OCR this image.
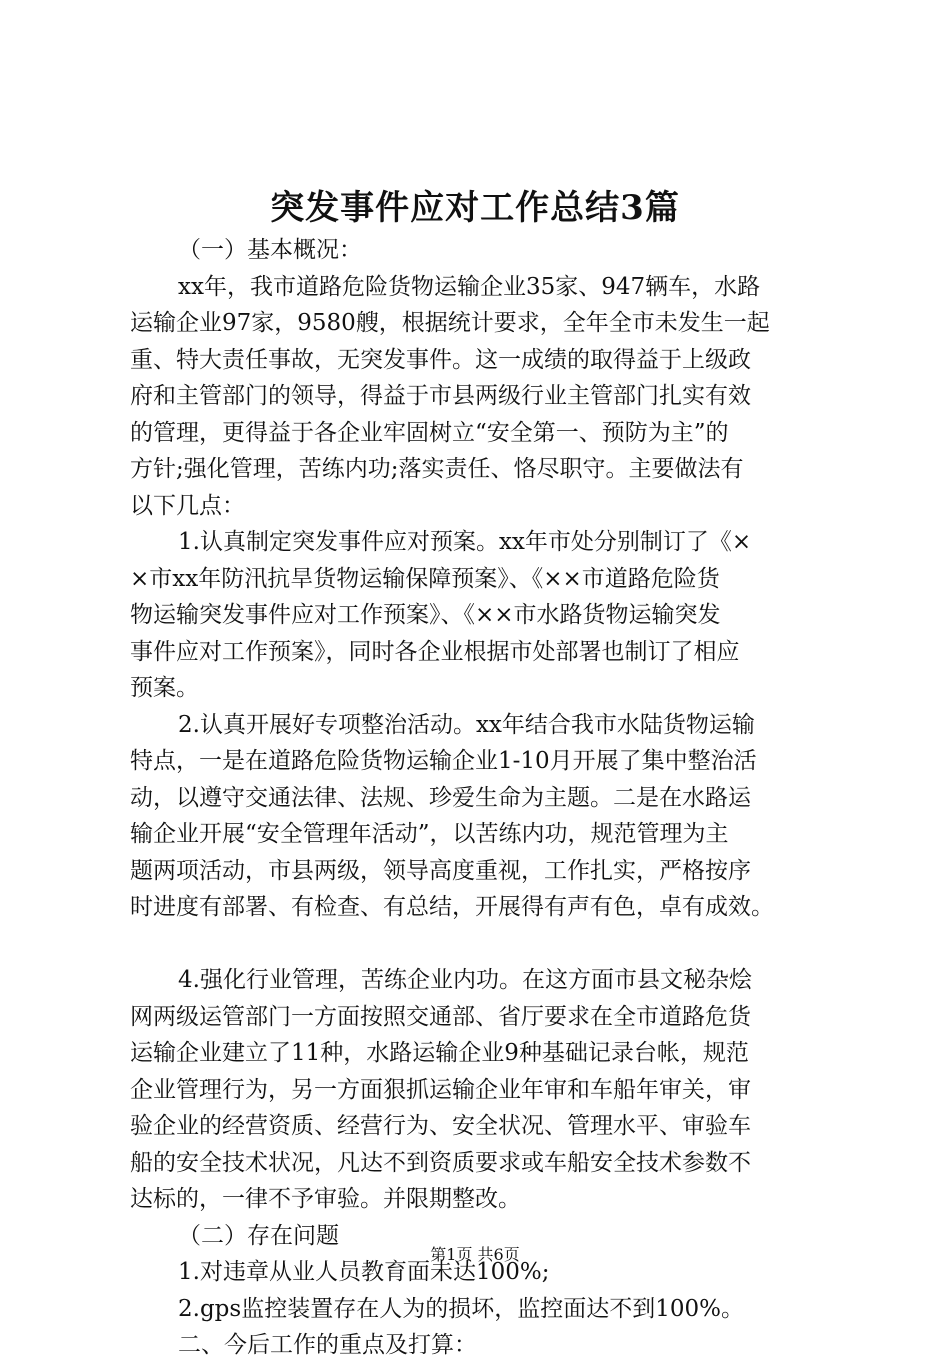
突发事件应对工作总结3篇

（一）基本概况：

xx年，我市道路危险货物运输企业35家、947辆车，水路

运输企业97家，9580艘，根据统计要求，全年全市未发生一起

重、特大责任事故，无突发事件。这一成绩的取得益于上级政

府和主管部门的领导，得益于市县两级行业主管部门扎实有效

的管理，更得益于各企业牢固树立“安全第一、预防为主”的

方针;强化管理，苦练内功;落实责任、恪尽职守。主要做法有

以下几点：

1.认真制定突发事件应对预案。xx年市处分别制订了《×

×市xx年防汛抗旱货物运输保障预案》、《××市道路危险货

物运输突发事件应对工作预案》、《××市水路货物运输突发

事件应对工作预案》，同时各企业根据市处部署也制订了相应

预案。

2.认真开展好专项整治活动。xx年结合我市水陆货物运输

特点，一是在道路危险货物运输企业1-10月开展了集中整治活

动，以遵守交通法律、法规、珍爱生命为主题。二是在水路运

输企业开展“安全管理年活动”，以苦练内功，规范管理为主

题两项活动，市县两级，领导高度重视，工作扎实，严格按序

时进度有部署、有检查、有总结，开展得有声有色，卓有成效。

4.强化行业管理，苦练企业内功。在这方面市县文秘杂烩

网两级运管部门一方面按照交通部、省厅要求在全市道路危货

运输企业建立了11种，水路运输企业9种基础记录台帐，规范

企业管理行为，另一方面狠抓运输企业年审和车船年审关，审

验企业的经营资质、经营行为、安全状况、管理水平、审验车

船的安全技术状况，凡达不到资质要求或车船安全技术参数不

达标的，一律不予审验。并限期整改。

（二）存在问题

1.对违章从业人员教育面未达100%;

2.gps监控装置存在人为的损坏，监控面达不到100%。

二、今后工作的重点及打算：

第1页 共6页
